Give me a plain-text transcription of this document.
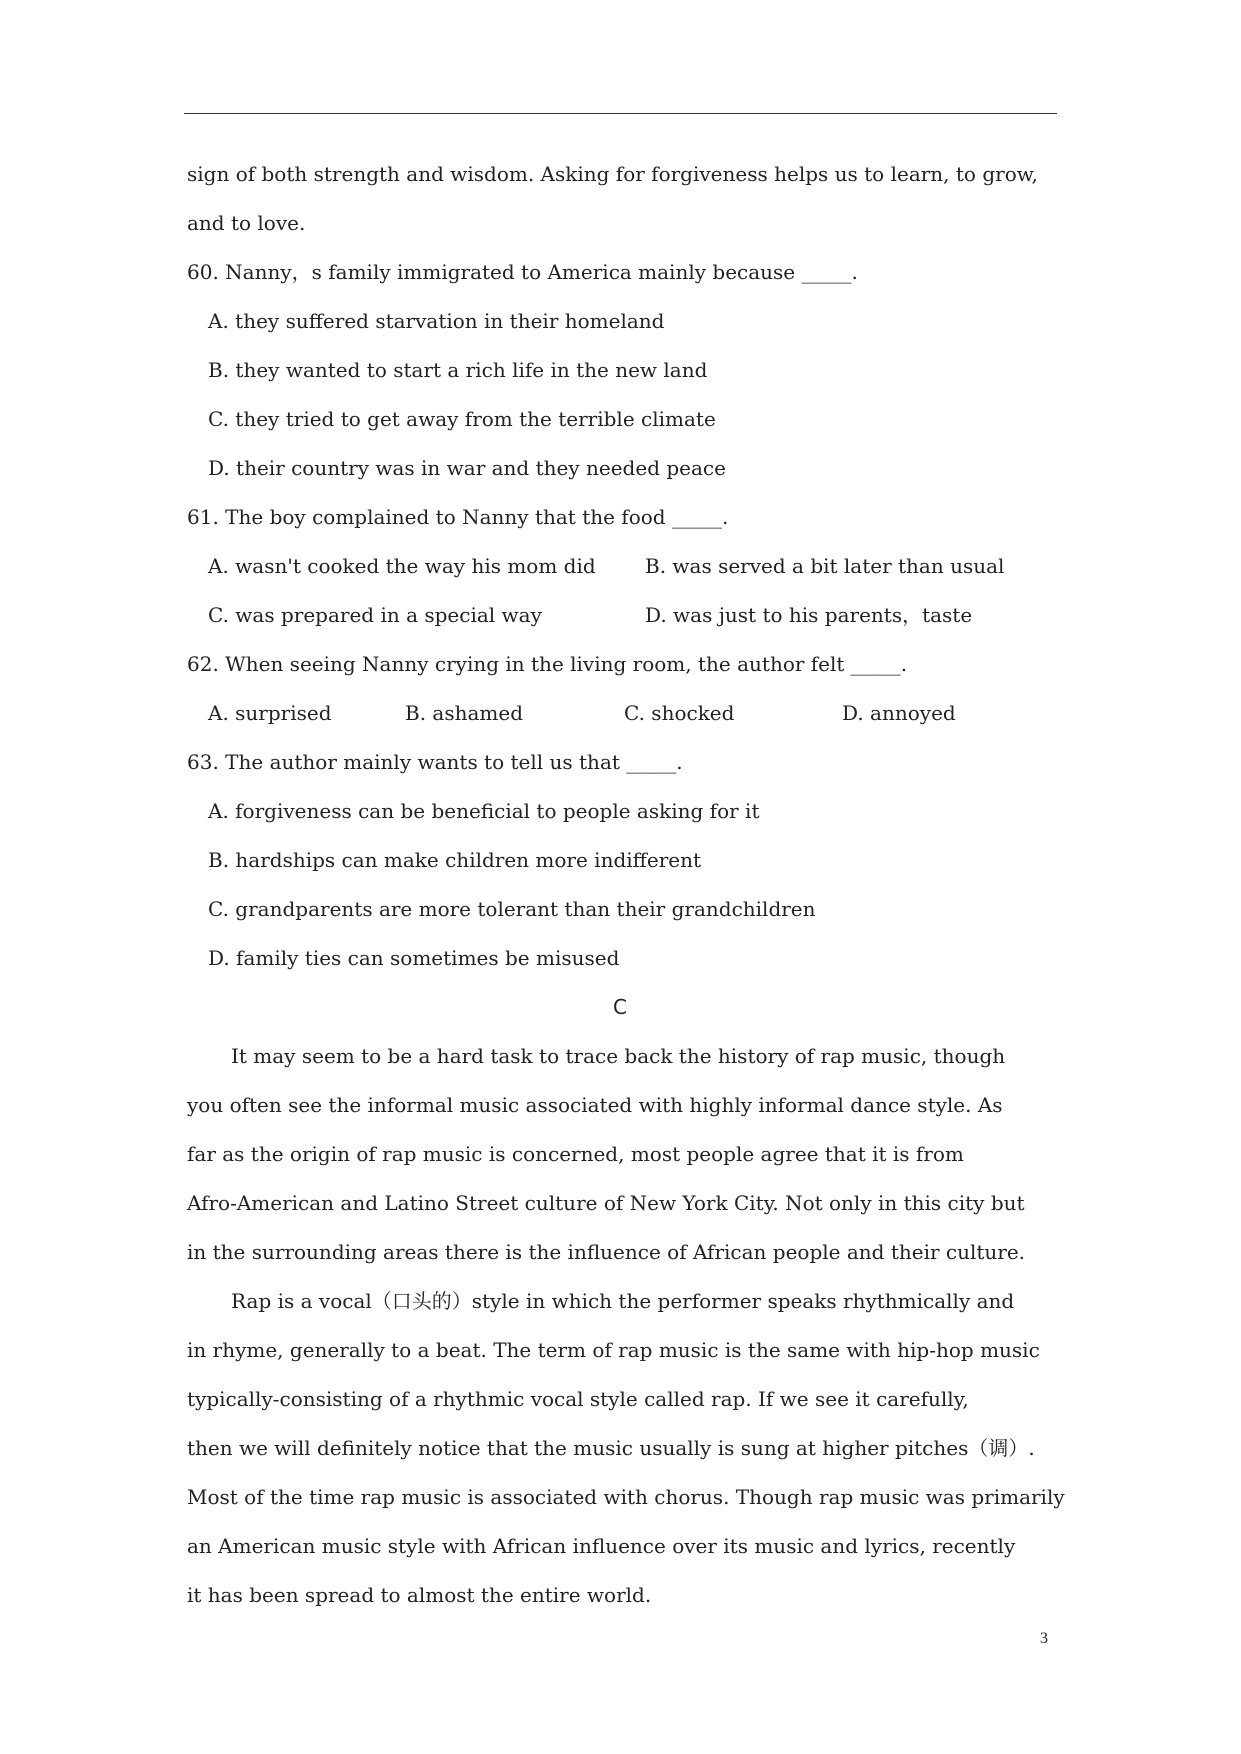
sign of both strength and wisdom. Asking for forgiveness helps us to learn, to grow,
and to love.
60. Nanny，s family immigrated to America mainly because _____.
A. they suffered starvation in their homeland
B. they wanted to start a rich life in the new land
C. they tried to get away from the terrible climate
D. their country was in war and they needed peace
61. The boy complained to Nanny that the food _____.
A. wasn't cooked the way his mom did	B. was served a bit later than usual
C. was prepared in a special way	D. was just to his parents，taste
62. When seeing Nanny crying in the living room, the author felt _____.
A. surprised	B. ashamed	C. shocked	D. annoyed
63. The author mainly wants to tell us that _____.
A. forgiveness can be beneficial to people asking for it
B. hardships can make children more indifferent
C. grandparents are more tolerant than their grandchildren
D. family ties can sometimes be misused
C
It may seem to be a hard task to trace back the history of rap music, though
you often see the informal music associated with highly informal dance style. As
far as the origin of rap music is concerned, most people agree that it is from
Afro-American and Latino Street culture of New York City. Not only in this city but
in the surrounding areas there is the influence of African people and their culture.
Rap is a vocal（口头的）style in which the performer speaks rhythmically and
in rhyme, generally to a beat. The term of rap music is the same with hip-hop music
typically-consisting of a rhythmic vocal style called rap. If we see it carefully,
then we will definitely notice that the music usually is sung at higher pitches（调）.
Most of the time rap music is associated with chorus. Though rap music was primarily
an American music style with African influence over its music and lyrics, recently
it has been spread to almost the entire world.
3
